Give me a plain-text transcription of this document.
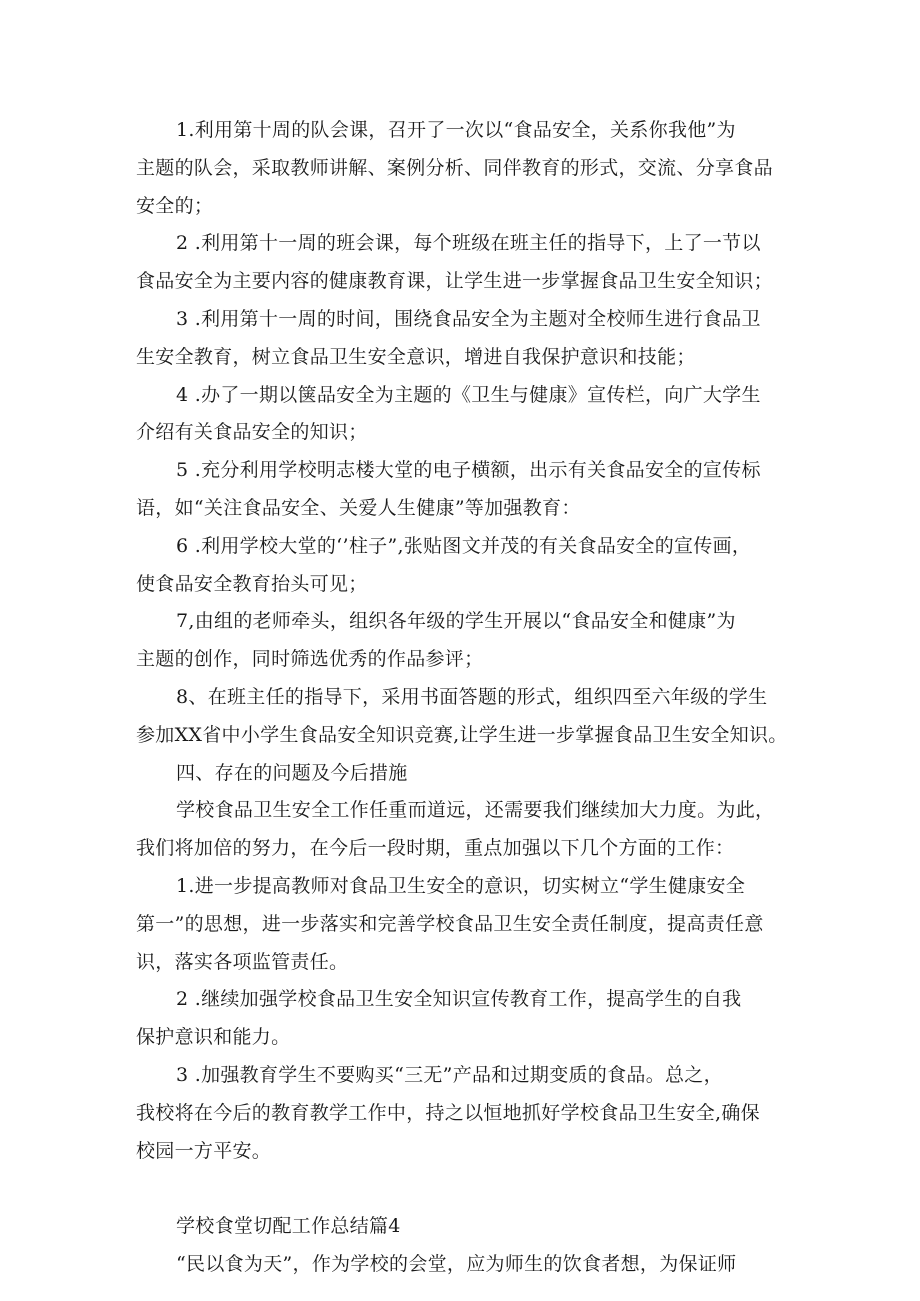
1.利用第十周的队会课，召开了一次以“食品安全，关系你我他”为
主题的队会，采取教师讲解、案例分析、同伴教育的形式，交流、分享食品
安全的；
2 .利用第十一周的班会课，每个班级在班主任的指导下，上了一节以
食品安全为主要内容的健康教育课，让学生进一步掌握食品卫生安全知识；
3 .利用第十一周的时间，围绕食品安全为主题对全校师生进行食品卫
生安全教育，树立食品卫生安全意识，增进自我保护意识和技能；
4 .办了一期以箧品安全为主题的《卫生与健康》宣传栏，向广大学生
介绍有关食品安全的知识；
5 .充分利用学校明志楼大堂的电子横额，出示有关食品安全的宣传标
语，如“关注食品安全、关爱人生健康”等加强教育：
6 .利用学校大堂的‘’柱子”,张贴图文并茂的有关食品安全的宣传画，
使食品安全教育抬头可见；
7,由组的老师牵头，组织各年级的学生开展以“食品安全和健康”为
主题的创作，同时筛选优秀的作品参评；
8、在班主任的指导下，采用书面答题的形式，组织四至六年级的学生
参加XX省中小学生食品安全知识竞赛,让学生进一步掌握食品卫生安全知识。
四、存在的问题及今后措施
学校食品卫生安全工作任重而道远，还需要我们继续加大力度。为此，
我们将加倍的努力，在今后一段时期，重点加强以下几个方面的工作：
1.进一步提高教师对食品卫生安全的意识，切实树立“学生健康安全
第一”的思想，进一步落实和完善学校食品卫生安全责任制度，提高责任意
识，落实各项监管责任。
2 .继续加强学校食品卫生安全知识宣传教育工作，提高学生的自我
保护意识和能力。
3 .加强教育学生不要购买“三无”产品和过期变质的食品。总之，
我校将在今后的教育教学工作中，持之以恒地抓好学校食品卫生安全,确保
校园一方平安。
学校食堂切配工作总结篇4
“民以食为天”，作为学校的会堂，应为师生的饮食者想，为保证师
